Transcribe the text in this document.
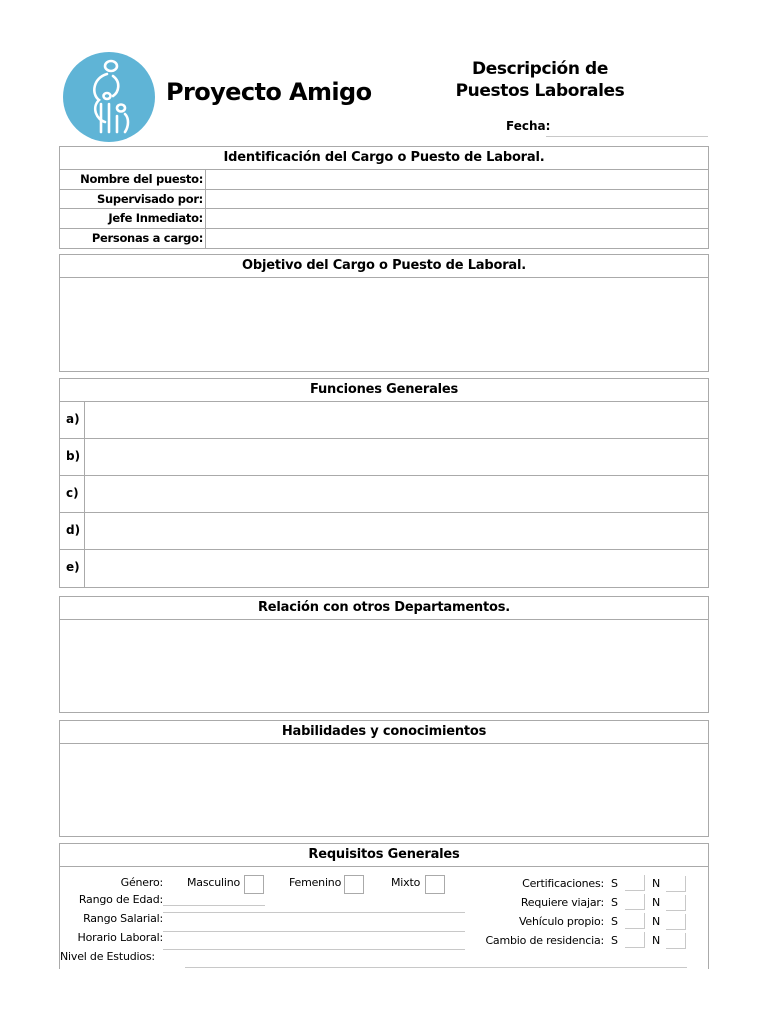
Proyecto Amigo
Descripción de Puestos Laborales
Fecha:
Identificación del Cargo o Puesto de Laboral.
Nombre del puesto:
Supervisado por:
Jefe Inmediato:
Personas a cargo:
Objetivo del Cargo o Puesto de Laboral.
Funciones Generales
a)
b)
c)
d)
e)
Relación con otros Departamentos.
Habilidades y conocimientos
Requisitos Generales
Género: Masculino	Femenino	Mixto
Rango de Edad:
Rango Salarial:
Horario Laboral:
Nivel de Estudios:
Certificaciones: S	N
Requiere viajar: S	N
Vehículo propio: S	N
Cambio de residencia: S	N
